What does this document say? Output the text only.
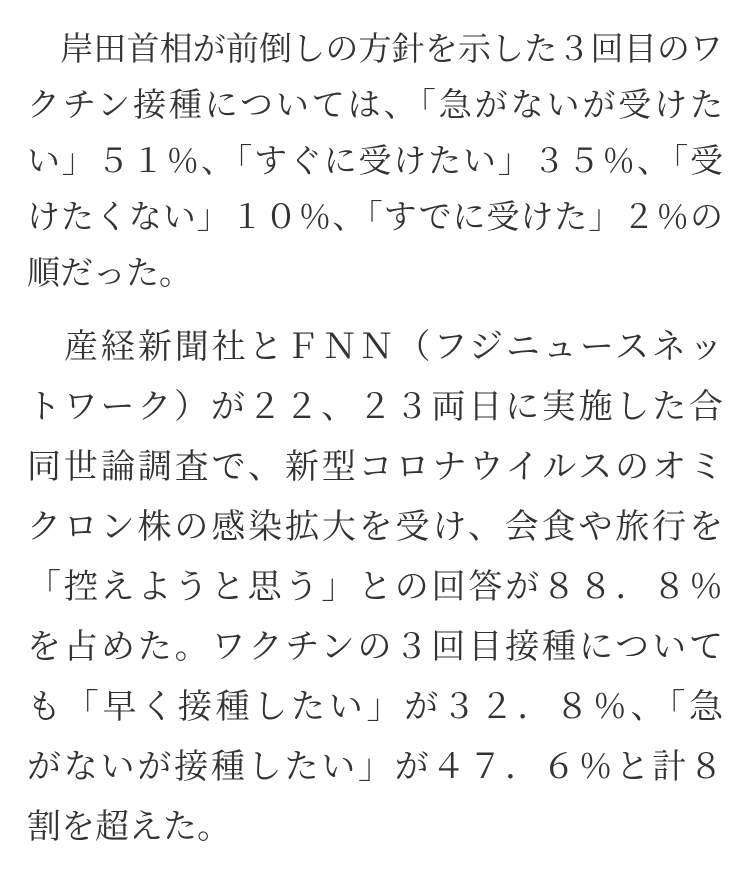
　岸田首相が前倒しの方針を示した３回目のワ
クチン接種については、「急がないが受けた
い」５１％、「すぐに受けたい」３５％、「受
けたくない」１０％、「すでに受けた」２％の
順だった。

　産経新聞社とＦＮＮ（フジニュースネッ
トワーク）が２２、２３両日に実施した合
同世論調査で、新型コロナウイルスのオミ
クロン株の感染拡大を受け、会食や旅行を
「控えようと思う」との回答が８８．８％
を占めた。ワクチンの３回目接種について
も「早く接種したい」が３２．８％、「急
がないが接種したい」が４７．６％と計８
割を超えた。
